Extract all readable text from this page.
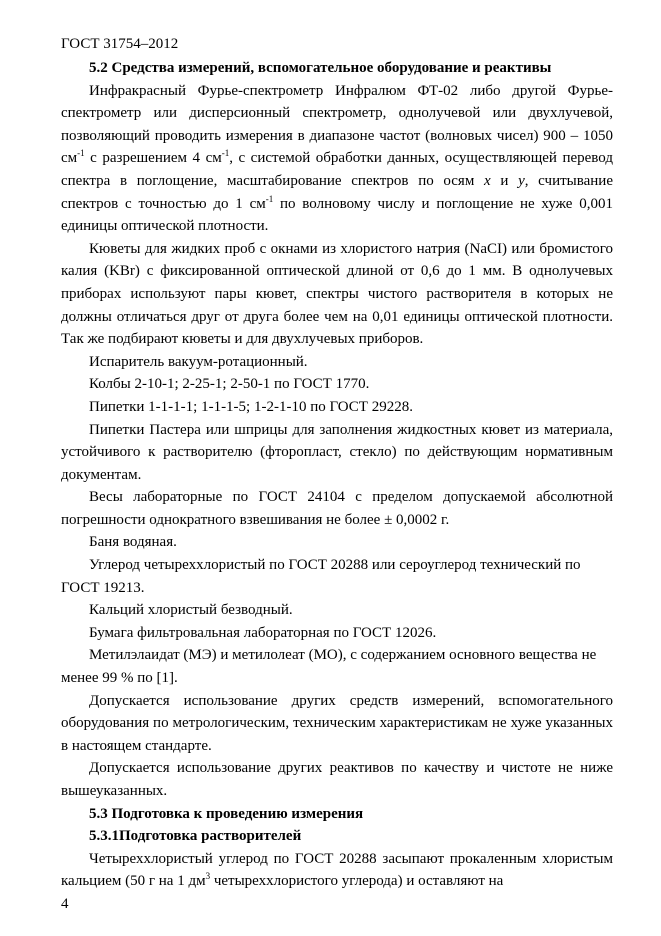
ГОСТ 31754–2012

5.2 Средства измерений, вспомогательное оборудование и реактивы

Инфракрасный Фурье-спектрометр Инфралюм ФТ-02 либо другой Фурье-спектрометр или дисперсионный спектрометр, однолучевой или двухлучевой, позволяющий проводить измерения в диапазоне частот (волновых чисел) 900 – 1050 $см^{-1}$ с разрешением 4 $см^{-1}$, с системой обработки данных, осуществляющей перевод спектра в поглощение, масштабирование спектров по осям x и y, считывание спектров с точностью до 1 $см^{-1}$ по волновому числу и поглощение не хуже 0,001 единицы оптической плотности.

Кюветы для жидких проб с окнами из хлористого натрия (NaCI) или бромистого калия (KBr) с фиксированной оптической длиной от 0,6 до 1 мм. В однолучевых приборах используют пары кювет, спектры чистого растворителя в которых не должны отличаться друг от друга более чем на 0,01 единицы оптической плотности. Так же подбирают кюветы и для двухлучевых приборов.

Испаритель вакуум-ротационный.

Колбы 2-10-1; 2-25-1; 2-50-1 по ГОСТ 1770.

Пипетки 1-1-1-1; 1-1-1-5; 1-2-1-10 по ГОСТ 29228.

Пипетки Пастера или шприцы для заполнения жидкостных кювет из материала, устойчивого к растворителю (фторопласт, стекло) по действующим нормативным документам.

Весы лабораторные по ГОСТ 24104 с пределом допускаемой абсолютной погрешности однократного взвешивания не более ± 0,0002 г.

Баня водяная.

Углерод четыреххлористый по ГОСТ 20288 или сероуглерод технический по ГОСТ 19213.

Кальций хлористый безводный.

Бумага фильтровальная лабораторная по ГОСТ 12026.

Метилэлаидат (МЭ) и метилолеат (МО), с содержанием основного вещества не менее 99 % по [1].

Допускается использование других средств измерений, вспомогательного оборудования по метрологическим, техническим характеристикам не хуже указанных в настоящем стандарте.

Допускается использование других реактивов по качеству и чистоте не ниже вышеуказанных.

5.3 Подготовка к проведению измерения

5.3.1Подготовка растворителей

Четыреххлористый углерод по ГОСТ 20288 засыпают прокаленным хлористым кальцием (50 г на 1 $дм^3$ четыреххлористого углерода) и оставляют на

4
